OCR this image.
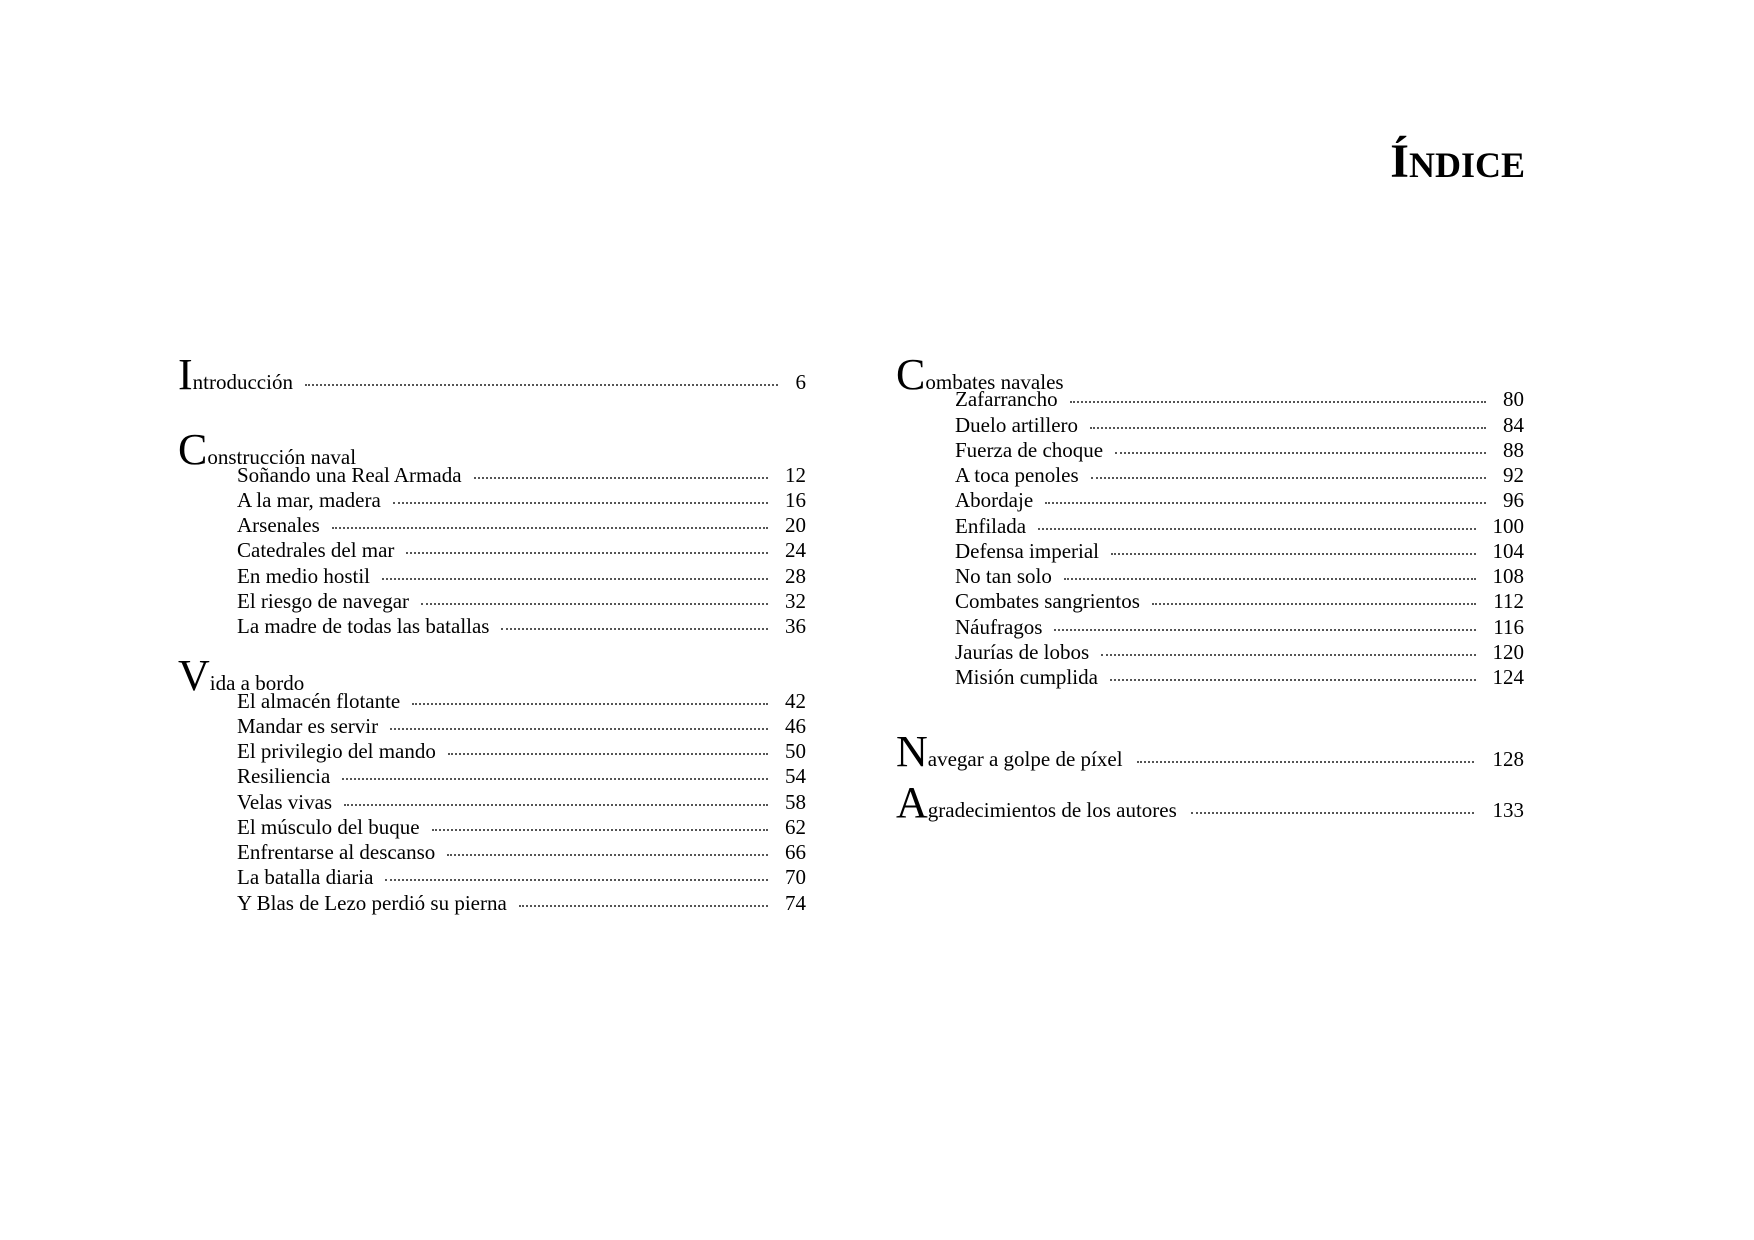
ÍNDICE
I ntroducción	6
C onstrucción naval
Soñando una Real Armada	12
A la mar, madera	16
Arsenales	20
Catedrales del mar	24
En medio hostil	28
El riesgo de navegar	32
La madre de todas las batallas	36
V ida a bordo
El almacén flotante	42
Mandar es servir	46
El privilegio del mando	50
Resiliencia	54
Velas vivas	58
El músculo del buque	62
Enfrentarse al descanso	66
La batalla diaria	70
Y Blas de Lezo perdió su pierna	74
C ombates navales
Zafarrancho	80
Duelo artillero	84
Fuerza de choque	88
A toca penoles	92
Abordaje	96
Enfilada	100
Defensa imperial	104
No tan solo	108
Combates sangrientos	112
Náufragos	116
Jaurías de lobos	120
Misión cumplida	124
N avegar a golpe de píxel	128
A gradecimientos de los autores	133
